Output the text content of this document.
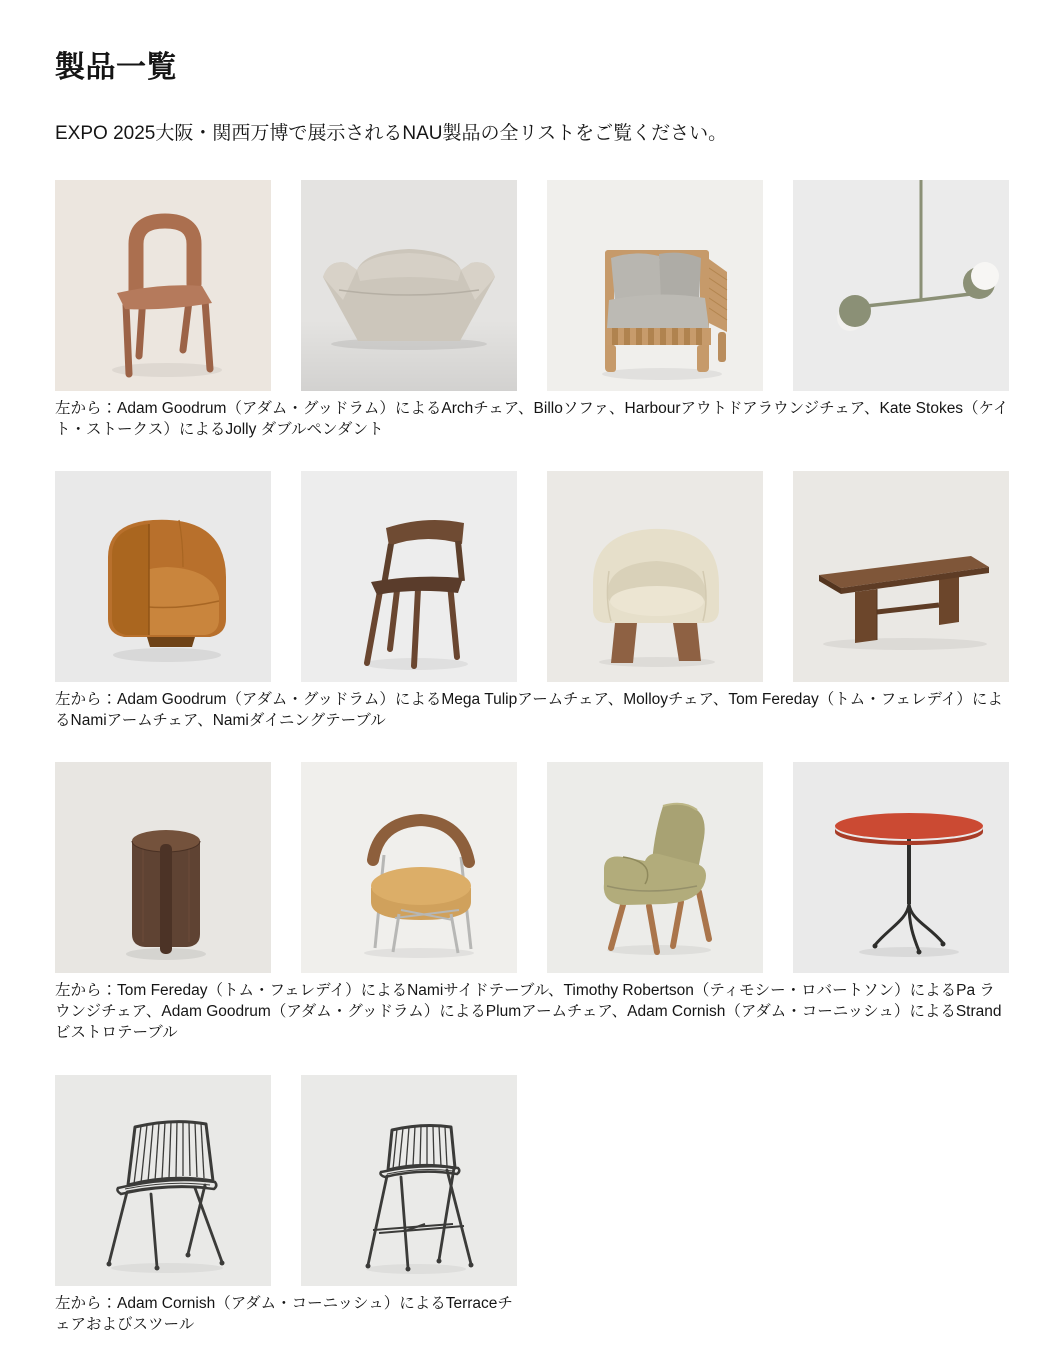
製品一覧

EXPO 2025大阪・関西万博で展示されるNAU製品の全リストをご覧ください。

左から：Adam Goodrum（アダム・グッドラム）によるArchチェア、Billoソファ、Harbourアウトドアラウンジチェア、Kate Stokes（ケイト・ストークス）によるJolly ダブルペンダント

左から：Adam Goodrum（アダム・グッドラム）によるMega Tulipアームチェア、Molloyチェア、Tom Fereday（トム・フェレデイ）によるNamiアームチェア、Namiダイニングテーブル

左から：Tom Fereday（トム・フェレデイ）によるNamiサイドテーブル、Timothy Robertson（ティモシー・ロバートソン）によるPa ラウンジチェア、Adam Goodrum（アダム・グッドラム）によるPlumアームチェア、Adam Cornish（アダム・コーニッシュ）によるStrandビストロテーブル

左から：Adam Cornish（アダム・コーニッシュ）によるTerraceチェアおよびスツール
